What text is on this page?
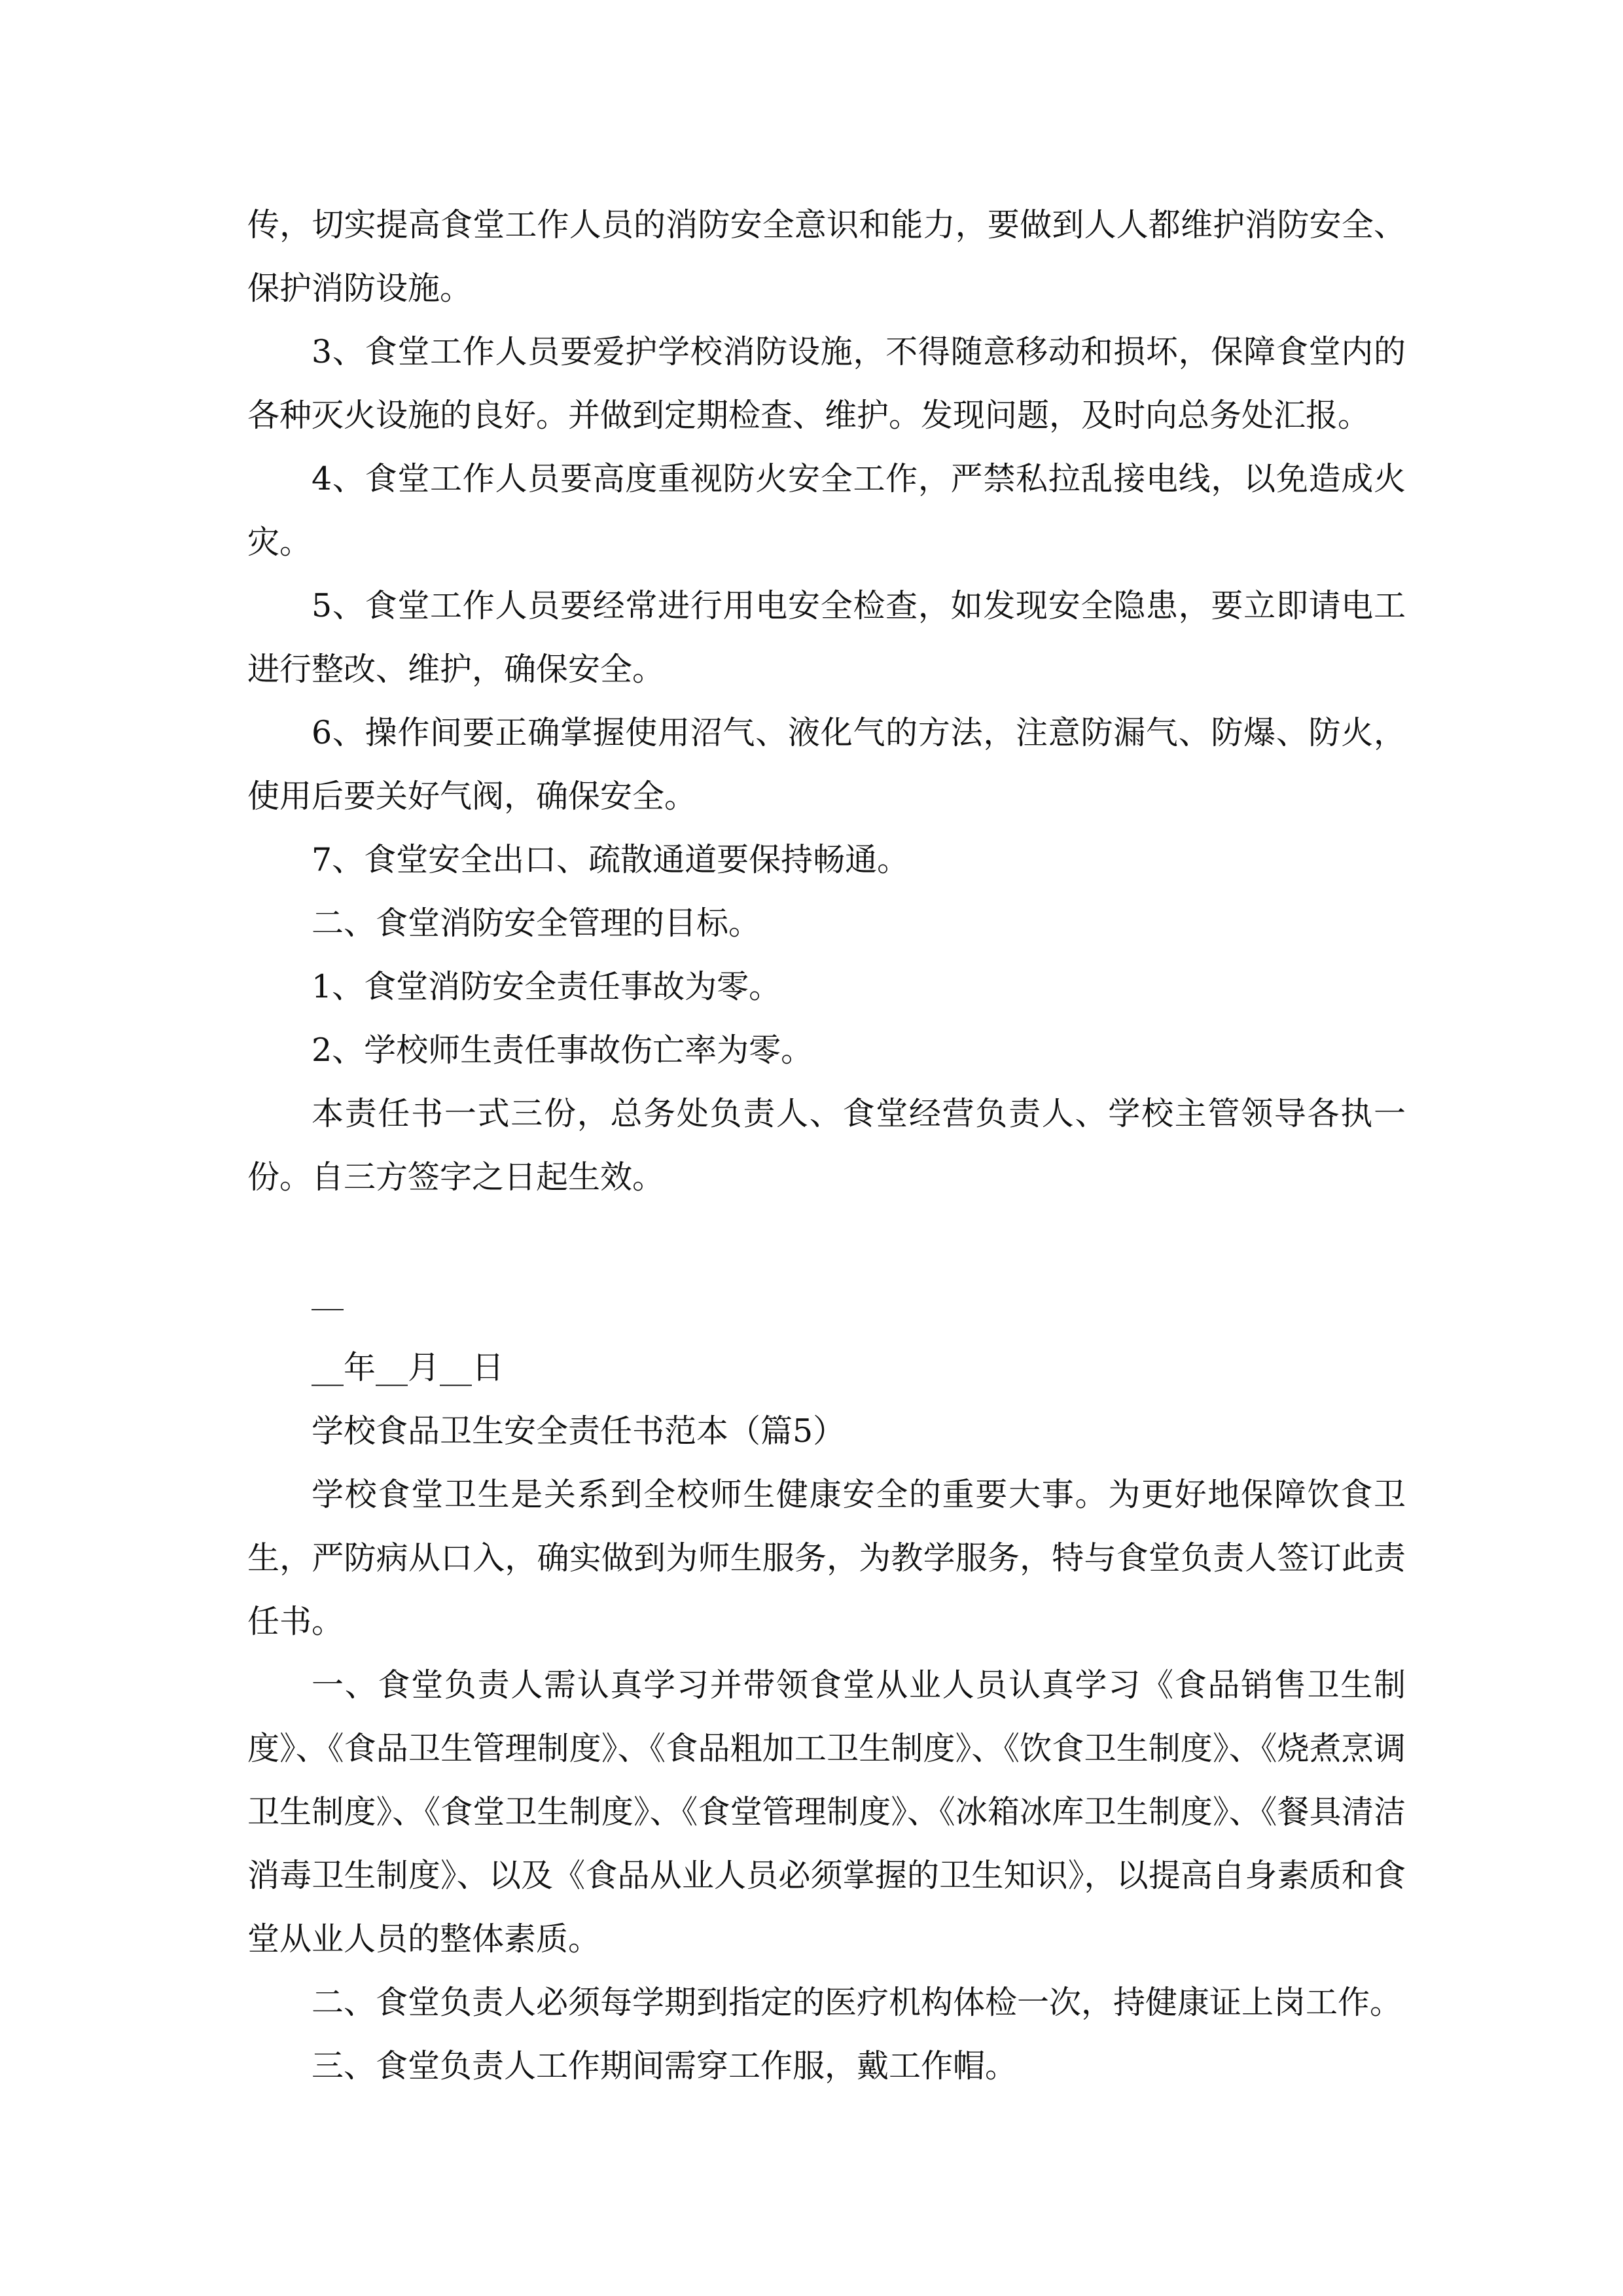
传，切实提高食堂工作人员的消防安全意识和能力，要做到人人都维护消防安全、保护消防设施。

3、食堂工作人员要爱护学校消防设施，不得随意移动和损坏，保障食堂内的各种灭火设施的良好。并做到定期检查、维护。发现问题，及时向总务处汇报。

4、食堂工作人员要高度重视防火安全工作，严禁私拉乱接电线，以免造成火灾。

5、食堂工作人员要经常进行用电安全检查，如发现安全隐患，要立即请电工进行整改、维护，确保安全。

6、操作间要正确掌握使用沼气、液化气的方法，注意防漏气、防爆、防火，使用后要关好气阀，确保安全。

7、食堂安全出口、疏散通道要保持畅通。

二、食堂消防安全管理的目标。

1、食堂消防安全责任事故为零。

2、学校师生责任事故伤亡率为零。

本责任书一式三份，总务处负责人、食堂经营负责人、学校主管领导各执一份。自三方签字之日起生效。

__年__月__日

学校食品卫生安全责任书范本（篇5）

学校食堂卫生是关系到全校师生健康安全的重要大事。为更好地保障饮食卫生，严防病从口入，确实做到为师生服务，为教学服务，特与食堂负责人签订此责任书。

一、食堂负责人需认真学习并带领食堂从业人员认真学习《食品销售卫生制度》、《食品卫生管理制度》、《食品粗加工卫生制度》、《饮食卫生制度》、《烧煮烹调卫生制度》、《食堂卫生制度》、《食堂管理制度》、《冰箱冰库卫生制度》、《餐具清洁消毒卫生制度》、以及《食品从业人员必须掌握的卫生知识》，以提高自身素质和食堂从业人员的整体素质。

二、食堂负责人必须每学期到指定的医疗机构体检一次，持健康证上岗工作。

三、食堂负责人工作期间需穿工作服，戴工作帽。
